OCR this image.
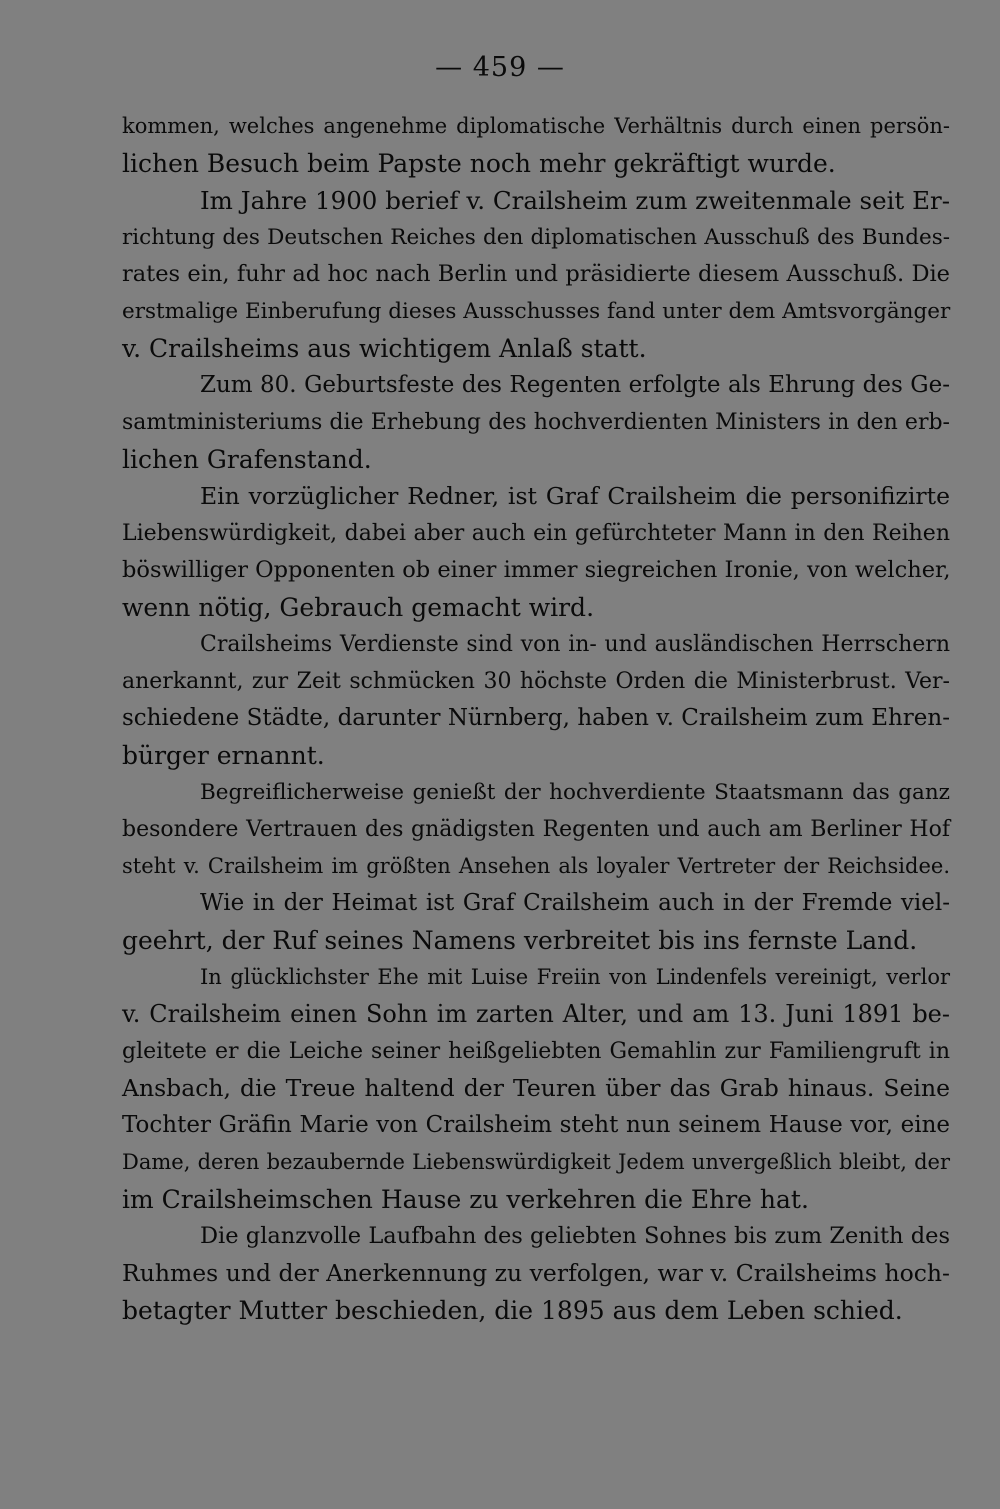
— 459 —
kommen, welches angenehme diplomatische Verhältnis durch einen persön-
lichen Besuch beim Papste noch mehr gekräftigt wurde.
Im Jahre 1900 berief v. Crailsheim zum zweitenmale seit Er-
richtung des Deutschen Reiches den diplomatischen Ausschuß des Bundes-
rates ein, fuhr ad hoc nach Berlin und präsidierte diesem Ausschuß. Die
erstmalige Einberufung dieses Ausschusses fand unter dem Amtsvorgänger
v. Crailsheims aus wichtigem Anlaß statt.
Zum 80. Geburtsfeste des Regenten erfolgte als Ehrung des Ge-
samtministeriums die Erhebung des hochverdienten Ministers in den erb-
lichen Grafenstand.
Ein vorzüglicher Redner, ist Graf Crailsheim die personifizirte
Liebenswürdigkeit, dabei aber auch ein gefürchteter Mann in den Reihen
böswilliger Opponenten ob einer immer siegreichen Ironie, von welcher,
wenn nötig, Gebrauch gemacht wird.
Crailsheims Verdienste sind von in- und ausländischen Herrschern
anerkannt, zur Zeit schmücken 30 höchste Orden die Ministerbrust. Ver-
schiedene Städte, darunter Nürnberg, haben v. Crailsheim zum Ehren-
bürger ernannt.
Begreiflicherweise genießt der hochverdiente Staatsmann das ganz
besondere Vertrauen des gnädigsten Regenten und auch am Berliner Hof
steht v. Crailsheim im größten Ansehen als loyaler Vertreter der Reichsidee.
Wie in der Heimat ist Graf Crailsheim auch in der Fremde viel-
geehrt, der Ruf seines Namens verbreitet bis ins fernste Land.
In glücklichster Ehe mit Luise Freiin von Lindenfels vereinigt, verlor
v. Crailsheim einen Sohn im zarten Alter, und am 13. Juni 1891 be-
gleitete er die Leiche seiner heißgeliebten Gemahlin zur Familiengruft in
Ansbach, die Treue haltend der Teuren über das Grab hinaus. Seine
Tochter Gräfin Marie von Crailsheim steht nun seinem Hause vor, eine
Dame, deren bezaubernde Liebenswürdigkeit Jedem unvergeßlich bleibt, der
im Crailsheimschen Hause zu verkehren die Ehre hat.
Die glanzvolle Laufbahn des geliebten Sohnes bis zum Zenith des
Ruhmes und der Anerkennung zu verfolgen, war v. Crailsheims hoch-
betagter Mutter beschieden, die 1895 aus dem Leben schied.
